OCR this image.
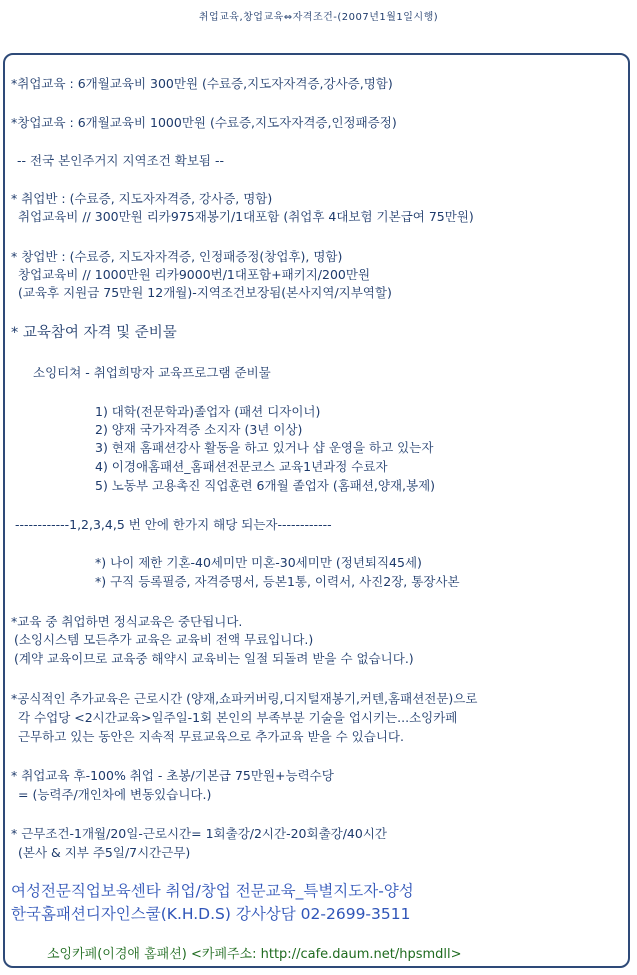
취업교육,창업교육⇔자격조건-(2007년1월1일시행)
*취업교육 : 6개월교육비 300만원 (수료증,지도자자격증,강사증,명함)
*창업교육 : 6개월교육비 1000만원 (수료증,지도자자격증,인정패증정)
-- 전국 본인주거지 지역조건 확보됨 --
* 취업반 : (수료증, 지도자자격증, 강사증, 명함)
취업교육비 // 300만원 리카975재봉기/1대포함 (취업후 4대보험 기본급여 75만원)
* 창업반 : (수료증, 지도자자격증, 인정패증정(창업후), 명함)
창업교육비 // 1000만원 리카9000번/1대포함+패키지/200만원
(교육후 지원금 75만원 12개월)-지역조건보장됨(본사지역/지부역할)
* 교육참여 자격 및 준비물
소잉티쳐 - 취업희망자 교육프로그램 준비물
1) 대학(전문학과)졸업자 (패션 디자이너)
2) 양재 국가자격증 소지자 (3년 이상)
3) 현재 홈패션강사 활동을 하고 있거나 샵 운영을 하고 있는자
4) 이경애홈패션_홈패션전문코스 교육1년과정 수료자
5) 노동부 고용촉진 직업훈련 6개월 졸업자 (홈패션,양재,봉제)
------------1,2,3,4,5 번 안에 한가지 해당 되는자------------
*) 나이 제한 기혼-40세미만 미혼-30세미만 (정년퇴직45세)
*) 구직 등록필증, 자격증명서, 등본1통, 이력서, 사진2장, 통장사본
*교육 중 취업하면 정식교육은 중단됩니다.
(소잉시스템 모든추가 교육은 교육비 전액 무료입니다.)
(계약 교육이므로 교육중 해약시 교육비는 일절 되돌려 받을 수 없습니다.)
*공식적인 추가교육은 근로시간 (양재,쇼파커버링,디지털재봉기,커텐,홈패션전문)으로
각 수업당 <2시간교육>일주일-1회 본인의 부족부분 기술을 업시키는...소잉카페
근무하고 있는 동안은 지속적 무료교육으로 추가교육 받을 수 있습니다.
* 취업교육 후-100% 취업 - 초봉/기본급 75만원+능력수당
= (능력주/개인차에 변동있습니다.)
* 근무조건-1개월/20일-근로시간= 1회출강/2시간-20회출강/40시간
(본사 & 지부 주5일/7시간근무)
여성전문직업보육센타 취업/창업 전문교육_특별지도자-양성
한국홈패션디자인스쿨(K.H.D.S) 강사상담 02-2699-3511
소잉카페(이경애 홈패션) <카페주소: http://cafe.daum.net/hpsmdll>
